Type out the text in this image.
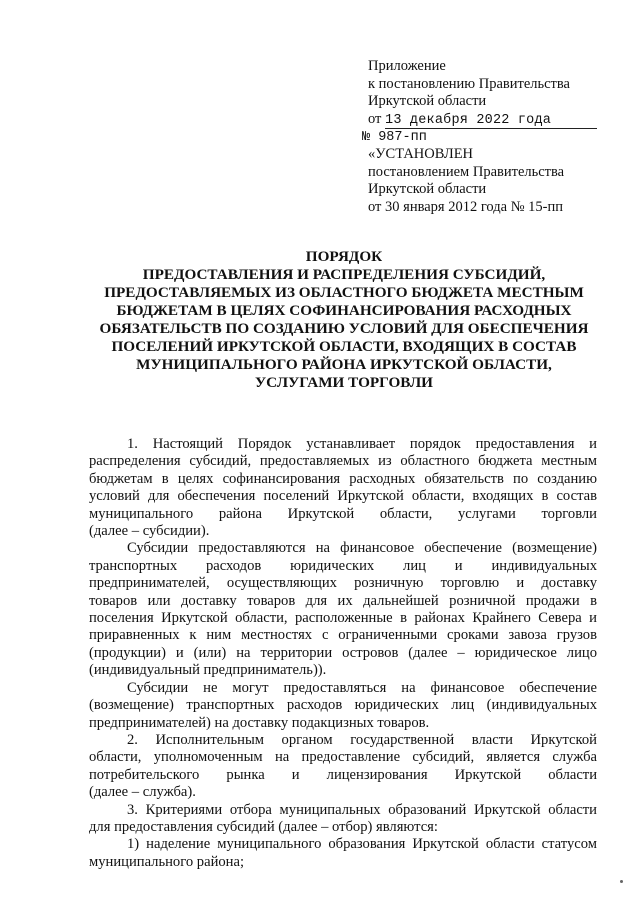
Приложение
к постановлению Правительства
Иркутской области
от 13 декабря 2022 года
№ 987-пп
«УСТАНОВЛЕН
постановлением Правительства
Иркутской области
от 30 января 2012 года № 15-пп
ПОРЯДОК
ПРЕДОСТАВЛЕНИЯ И РАСПРЕДЕЛЕНИЯ СУБСИДИЙ,
ПРЕДОСТАВЛЯЕМЫХ ИЗ ОБЛАСТНОГО БЮДЖЕТА МЕСТНЫМ
БЮДЖЕТАМ В ЦЕЛЯХ СОФИНАНСИРОВАНИЯ РАСХОДНЫХ
ОБЯЗАТЕЛЬСТВ ПО СОЗДАНИЮ УСЛОВИЙ ДЛЯ ОБЕСПЕЧЕНИЯ
ПОСЕЛЕНИЙ ИРКУТСКОЙ ОБЛАСТИ, ВХОДЯЩИХ В СОСТАВ
МУНИЦИПАЛЬНОГО РАЙОНА ИРКУТСКОЙ ОБЛАСТИ,
УСЛУГАМИ ТОРГОВЛИ

1. Настоящий Порядок устанавливает порядок предоставления и
распределения субсидий, предоставляемых из областного бюджета местным
бюджетам в целях софинансирования расходных обязательств по созданию
условий для обеспечения поселений Иркутской области, входящих в состав
муниципального района Иркутской области, услугами торговли
(далее – субсидии).

Субсидии предоставляются на финансовое обеспечение (возмещение)
транспортных расходов юридических лиц и индивидуальных
предпринимателей, осуществляющих розничную торговлю и доставку
товаров или доставку товаров для их дальнейшей розничной продажи в
поселения Иркутской области, расположенные в районах Крайнего Севера и
приравненных к ним местностях с ограниченными сроками завоза грузов
(продукции) и (или) на территории островов (далее – юридическое лицо
(индивидуальный предприниматель)).

Субсидии не могут предоставляться на финансовое обеспечение
(возмещение) транспортных расходов юридических лиц (индивидуальных
предпринимателей) на доставку подакцизных товаров.

2. Исполнительным органом государственной власти Иркутской
области, уполномоченным на предоставление субсидий, является служба
потребительского рынка и лицензирования Иркутской области
(далее – служба).

3. Критериями отбора муниципальных образований Иркутской области
для предоставления субсидий (далее – отбор) являются:

1) наделение муниципального образования Иркутской области статусом
муниципального района;
